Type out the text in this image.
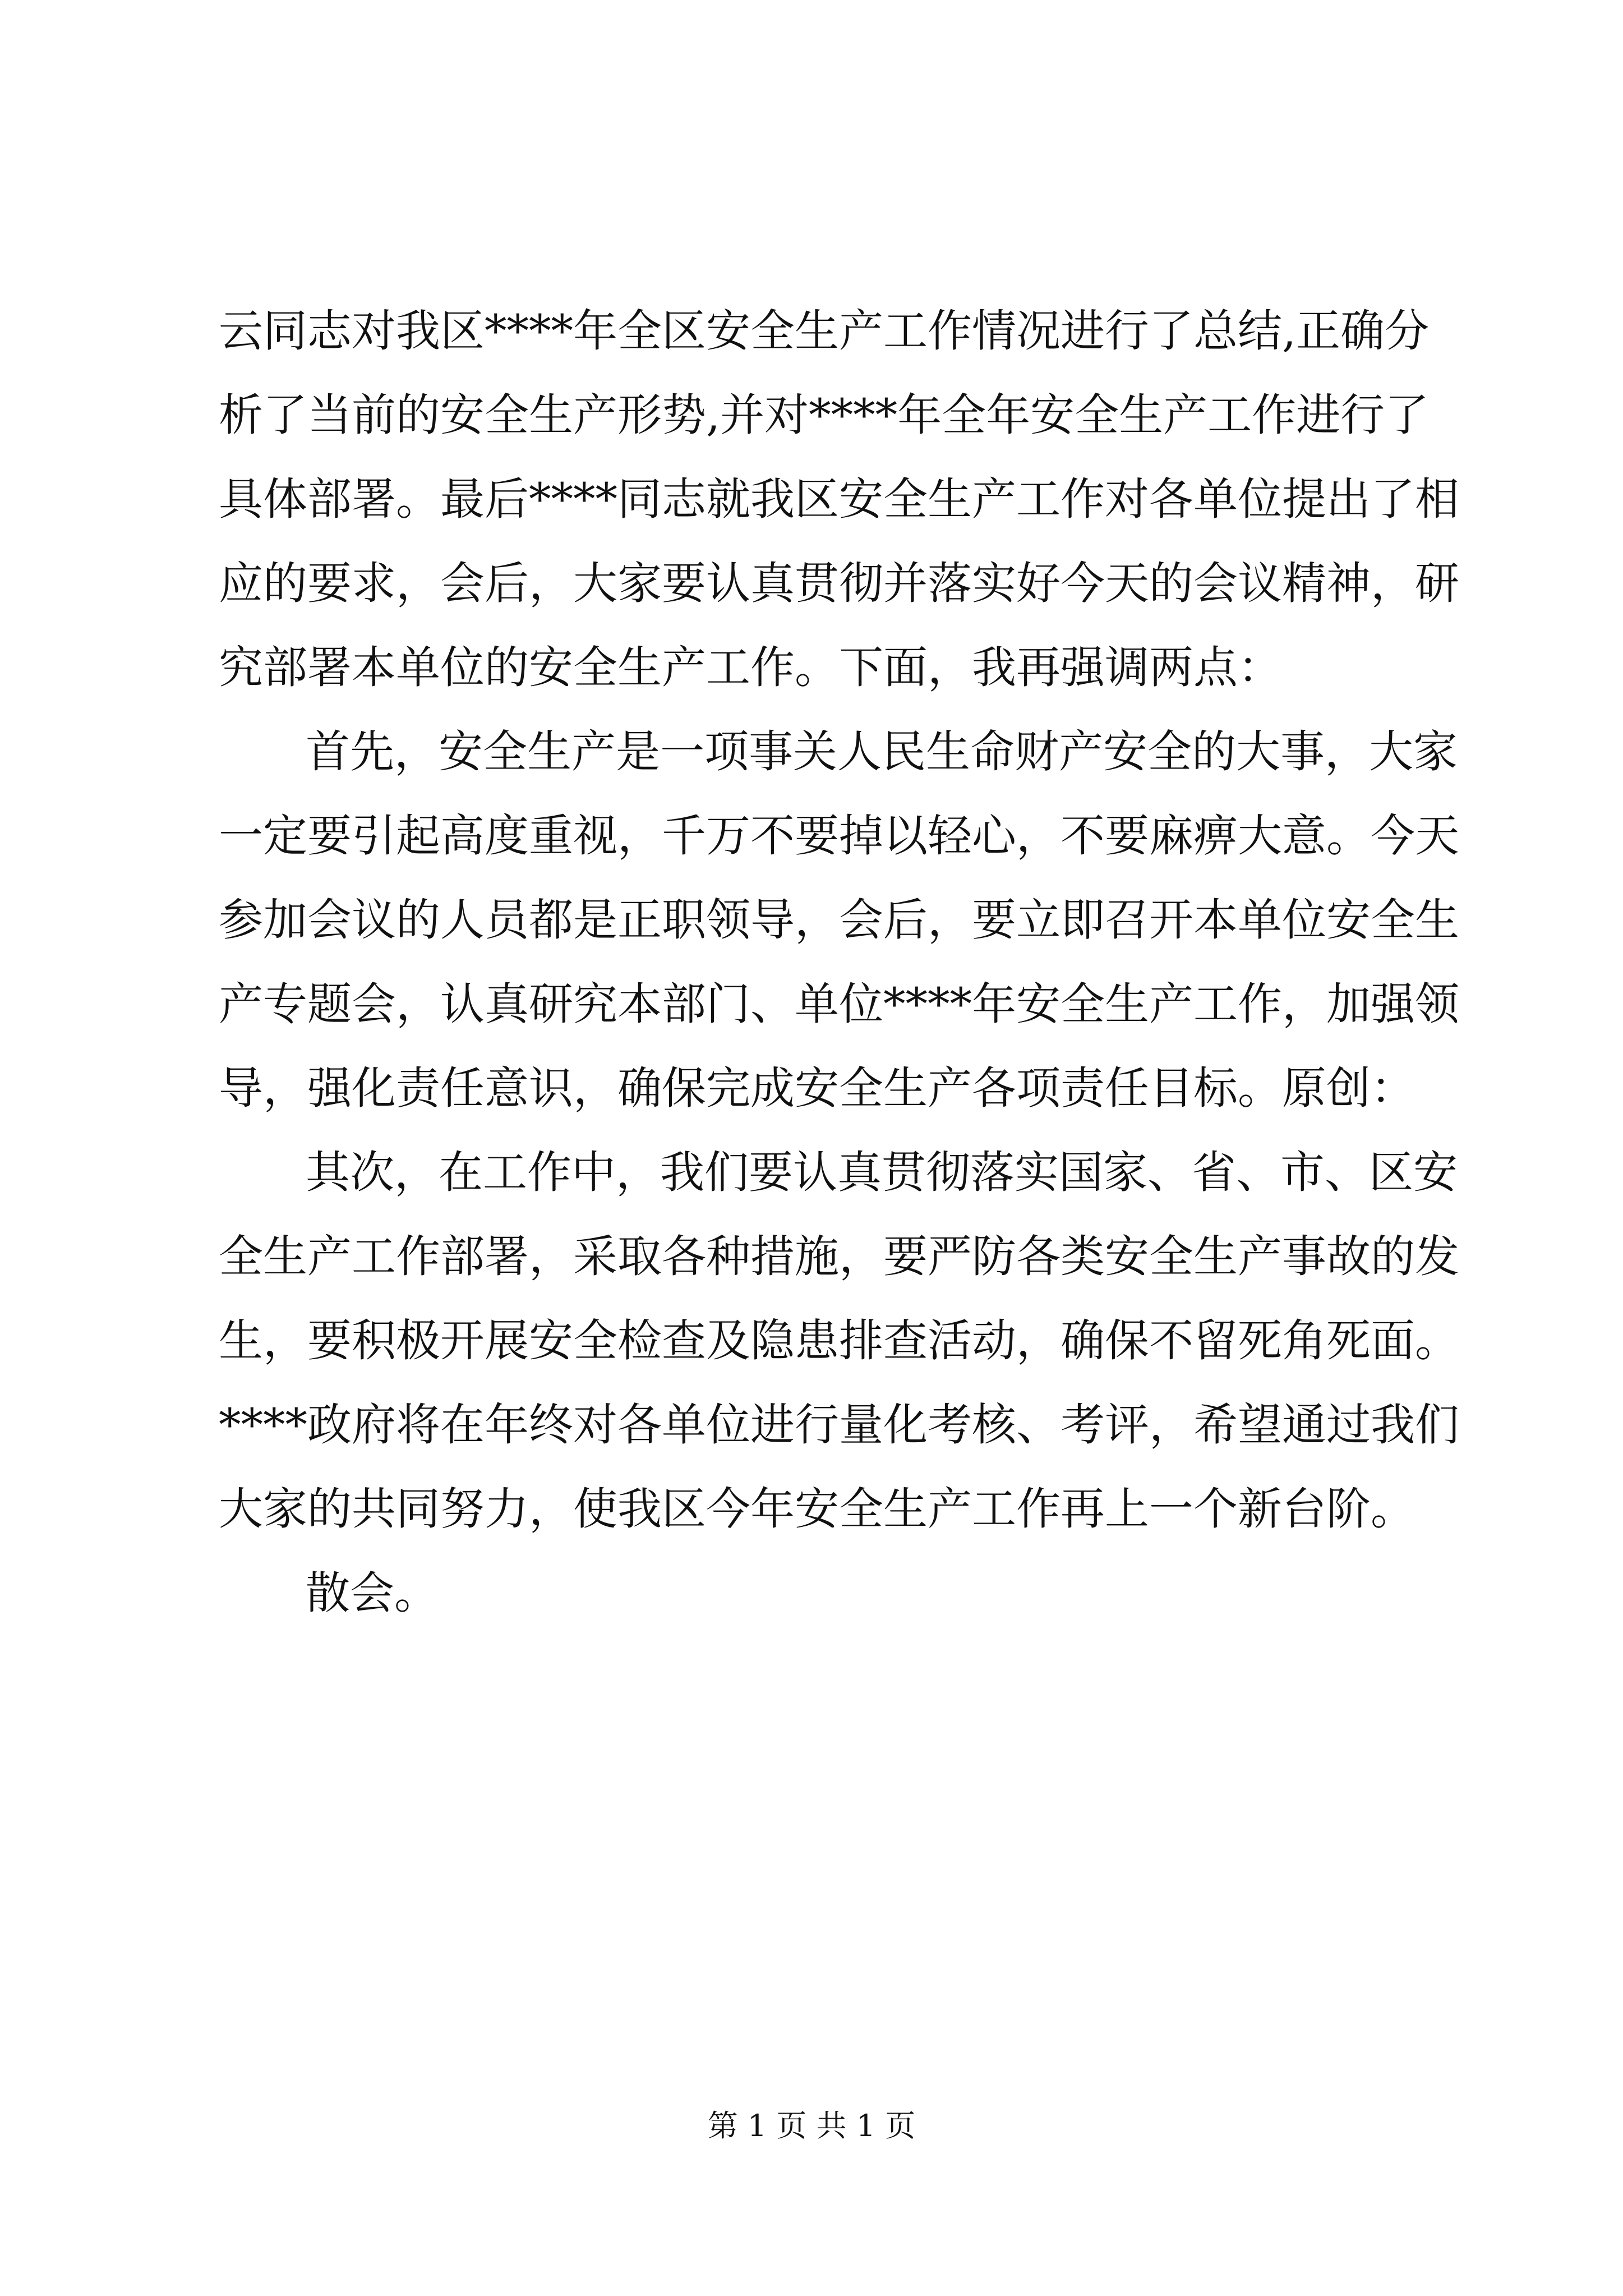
云同志对我区****年全区安全生产工作情况进行了总结,正确分
析了当前的安全生产形势,并对****年全年安全生产工作进行了
具体部署。最后****同志就我区安全生产工作对各单位提出了相
应的要求，会后，大家要认真贯彻并落实好今天的会议精神，研
究部署本单位的安全生产工作。下面，我再强调两点：
首先，安全生产是一项事关人民生命财产安全的大事，大家
一定要引起高度重视，千万不要掉以轻心，不要麻痹大意。今天
参加会议的人员都是正职领导，会后，要立即召开本单位安全生
产专题会，认真研究本部门、单位****年安全生产工作，加强领
导，强化责任意识，确保完成安全生产各项责任目标。原创：
其次，在工作中，我们要认真贯彻落实国家、省、市、区安
全生产工作部署，采取各种措施，要严防各类安全生产事故的发
生，要积极开展安全检查及隐患排查活动，确保不留死角死面。
****政府将在年终对各单位进行量化考核、考评，希望通过我们
大家的共同努力，使我区今年安全生产工作再上一个新台阶。
散会。
第 1 页 共 1 页
